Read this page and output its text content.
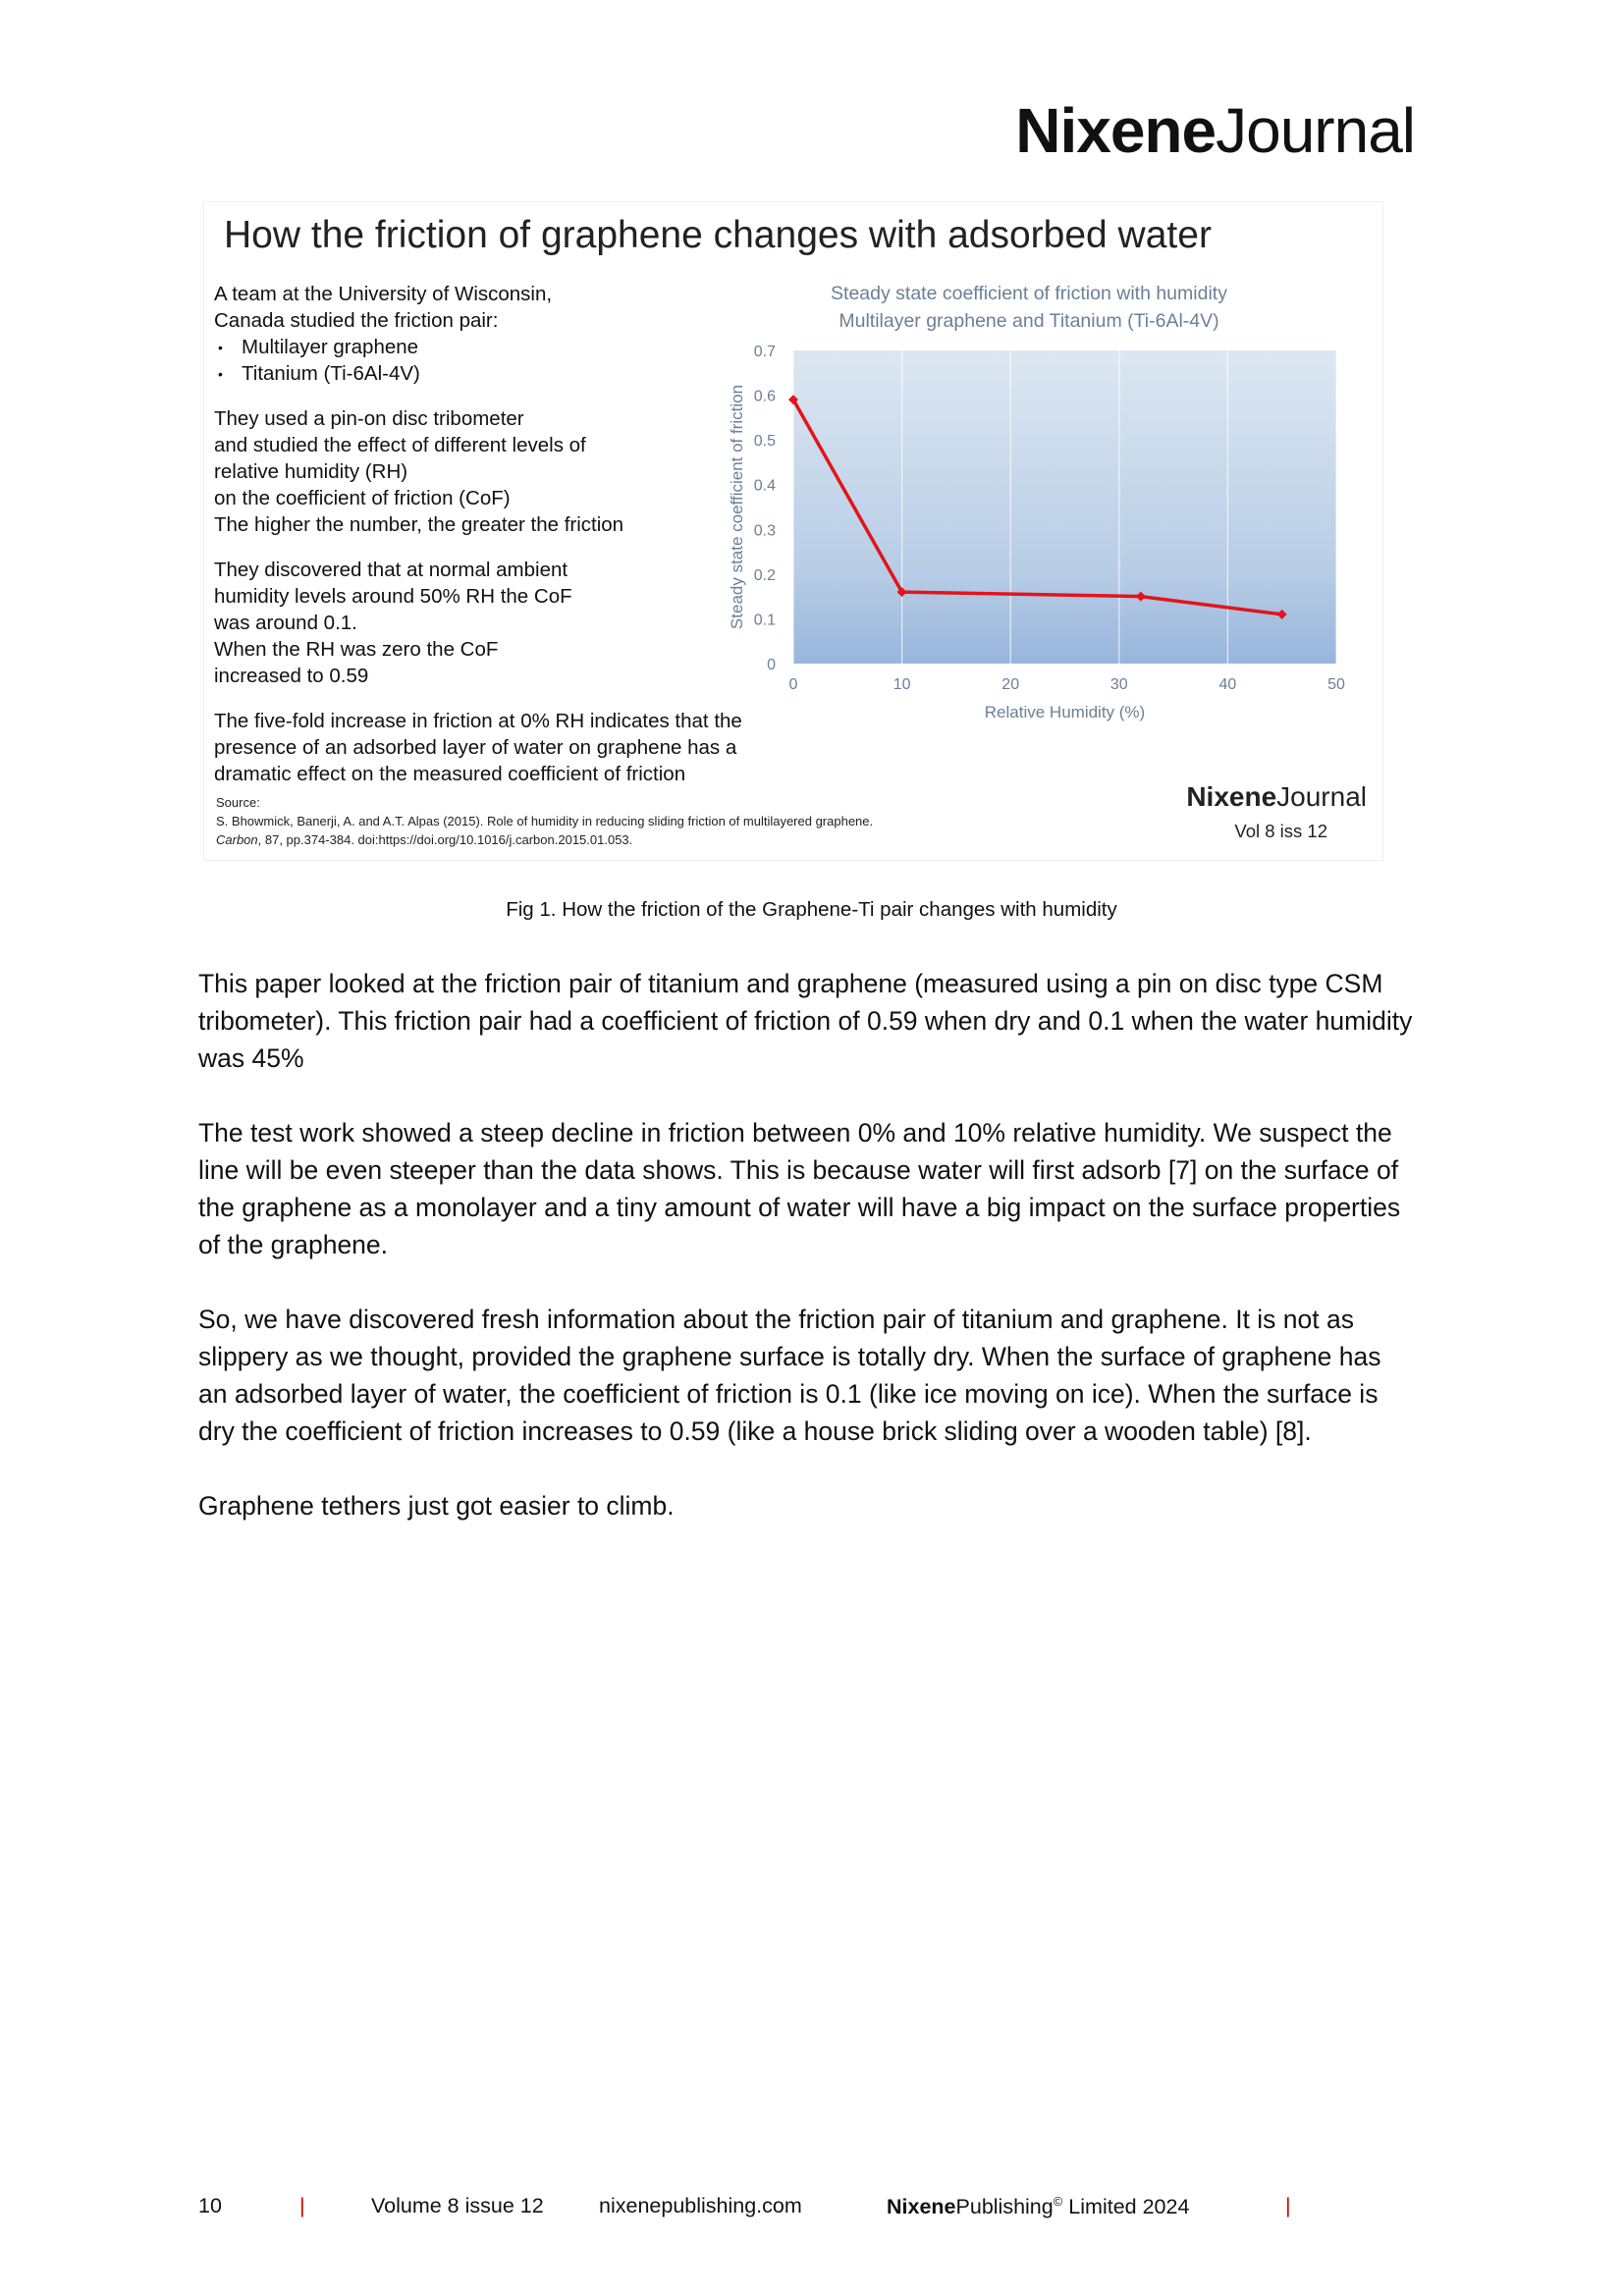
NixeneJournal
How the friction of graphene changes with adsorbed water
A team at the University of Wisconsin,
Canada studied the friction pair:
• Multilayer graphene
• Titanium (Ti-6Al-4V)
They used a pin-on disc tribometer
and studied the effect of different levels of
relative humidity (RH)
on the coefficient of friction (CoF)
The higher the number, the greater the friction
They discovered that at normal ambient
humidity levels around 50% RH the CoF
was around 0.1.
When the RH was zero the CoF
increased to 0.59
The five-fold increase in friction at 0% RH indicates that the
presence of an adsorbed layer of water on graphene has a
dramatic effect on the measured coefficient of friction
Steady state coefficient of friction with humidity
Multilayer graphene and Titanium (Ti-6Al-4V)
0	10	20	30	40	50
0
0.1
0.2
0.3
0.4
0.5
0.6
0.7
Relative Humidity (%)
Steady state coefficient of friction
Source:
S. Bhowmick, Banerji, A. and A.T. Alpas (2015). Role of humidity in reducing sliding friction of multilayered graphene.
Carbon, 87, pp.374-384. doi:https://doi.org/10.1016/j.carbon.2015.01.053.
NixeneJournal
Vol 8 iss 12
Fig 1. How the friction of the Graphene-Ti pair changes with humidity

This paper looked at the friction pair of titanium and graphene (measured using a pin on disc type CSM tribometer). This friction pair had a coefficient of friction of 0.59 when dry and 0.1 when the water humidity was 45%

The test work showed a steep decline in friction between 0% and 10% relative humidity. We suspect the line will be even steeper than the data shows. This is because water will first adsorb [7] on the surface of the graphene as a monolayer and a tiny amount of water will have a big impact on the surface properties of the graphene.

So, we have discovered fresh information about the friction pair of titanium and graphene. It is not as slippery as we thought, provided the graphene surface is totally dry. When the surface of graphene has an adsorbed layer of water, the coefficient of friction is 0.1 (like ice moving on ice). When the surface is dry the coefficient of friction increases to 0.59 (like a house brick sliding over a wooden table) [8].

Graphene tethers just got easier to climb.

10	|	Volume 8 issue 12	nixenepublishing.com	NixenePublishing© Limited 2024	|
